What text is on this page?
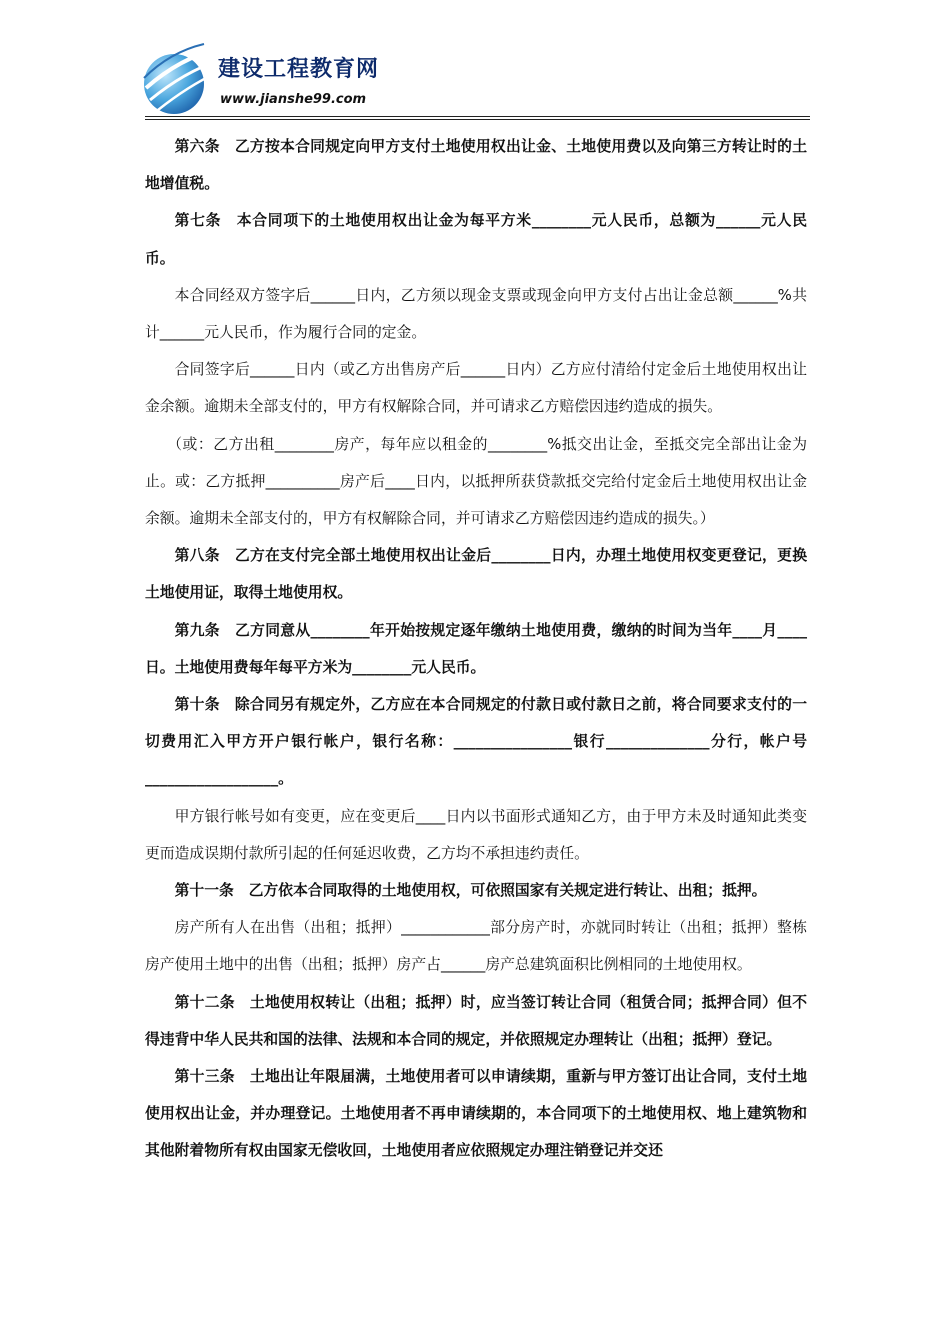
建设工程教育网
www.jianshe99.com

第六条　乙方按本合同规定向甲方支付土地使用权出让金、土地使用费以及向第三方转让时的土地增值税。

第七条　本合同项下的土地使用权出让金为每平方米________元人民币，总额为______元人民币。

本合同经双方签字后______日内，乙方须以现金支票或现金向甲方支付占出让金总额______%共计______元人民币，作为履行合同的定金。

合同签字后______日内（或乙方出售房产后______日内）乙方应付清给付定金后土地使用权出让金余额。逾期未全部支付的，甲方有权解除合同，并可请求乙方赔偿因违约造成的损失。

（或：乙方出租________房产，每年应以租金的________%抵交出让金，至抵交完全部出让金为止。或：乙方抵押__________房产后____日内，以抵押所获贷款抵交完给付定金后土地使用权出让金余额。逾期未全部支付的，甲方有权解除合同，并可请求乙方赔偿因违约造成的损失。）

第八条　乙方在支付完全部土地使用权出让金后________日内，办理土地使用权变更登记，更换土地使用证，取得土地使用权。

第九条　乙方同意从________年开始按规定逐年缴纳土地使用费，缴纳的时间为当年____月____日。土地使用费每年每平方米为________元人民币。

第十条　除合同另有规定外，乙方应在本合同规定的付款日或付款日之前，将合同要求支付的一切费用汇入甲方开户银行帐户，银行名称：________________银行______________分行，帐户号__________________。

甲方银行帐号如有变更，应在变更后____日内以书面形式通知乙方，由于甲方未及时通知此类变更而造成误期付款所引起的任何延迟收费，乙方均不承担违约责任。

第十一条　乙方依本合同取得的土地使用权，可依照国家有关规定进行转让、出租；抵押。

房产所有人在出售（出租；抵押）____________部分房产时，亦就同时转让（出租；抵押）整栋房产使用土地中的出售（出租；抵押）房产占______房产总建筑面积比例相同的土地使用权。

第十二条　土地使用权转让（出租；抵押）时，应当签订转让合同（租赁合同；抵押合同）但不得违背中华人民共和国的法律、法规和本合同的规定，并依照规定办理转让（出租；抵押）登记。

第十三条　土地出让年限届满，土地使用者可以申请续期，重新与甲方签订出让合同，支付土地使用权出让金，并办理登记。土地使用者不再申请续期的，本合同项下的土地使用权、地上建筑物和其他附着物所有权由国家无偿收回，土地使用者应依照规定办理注销登记并交还
